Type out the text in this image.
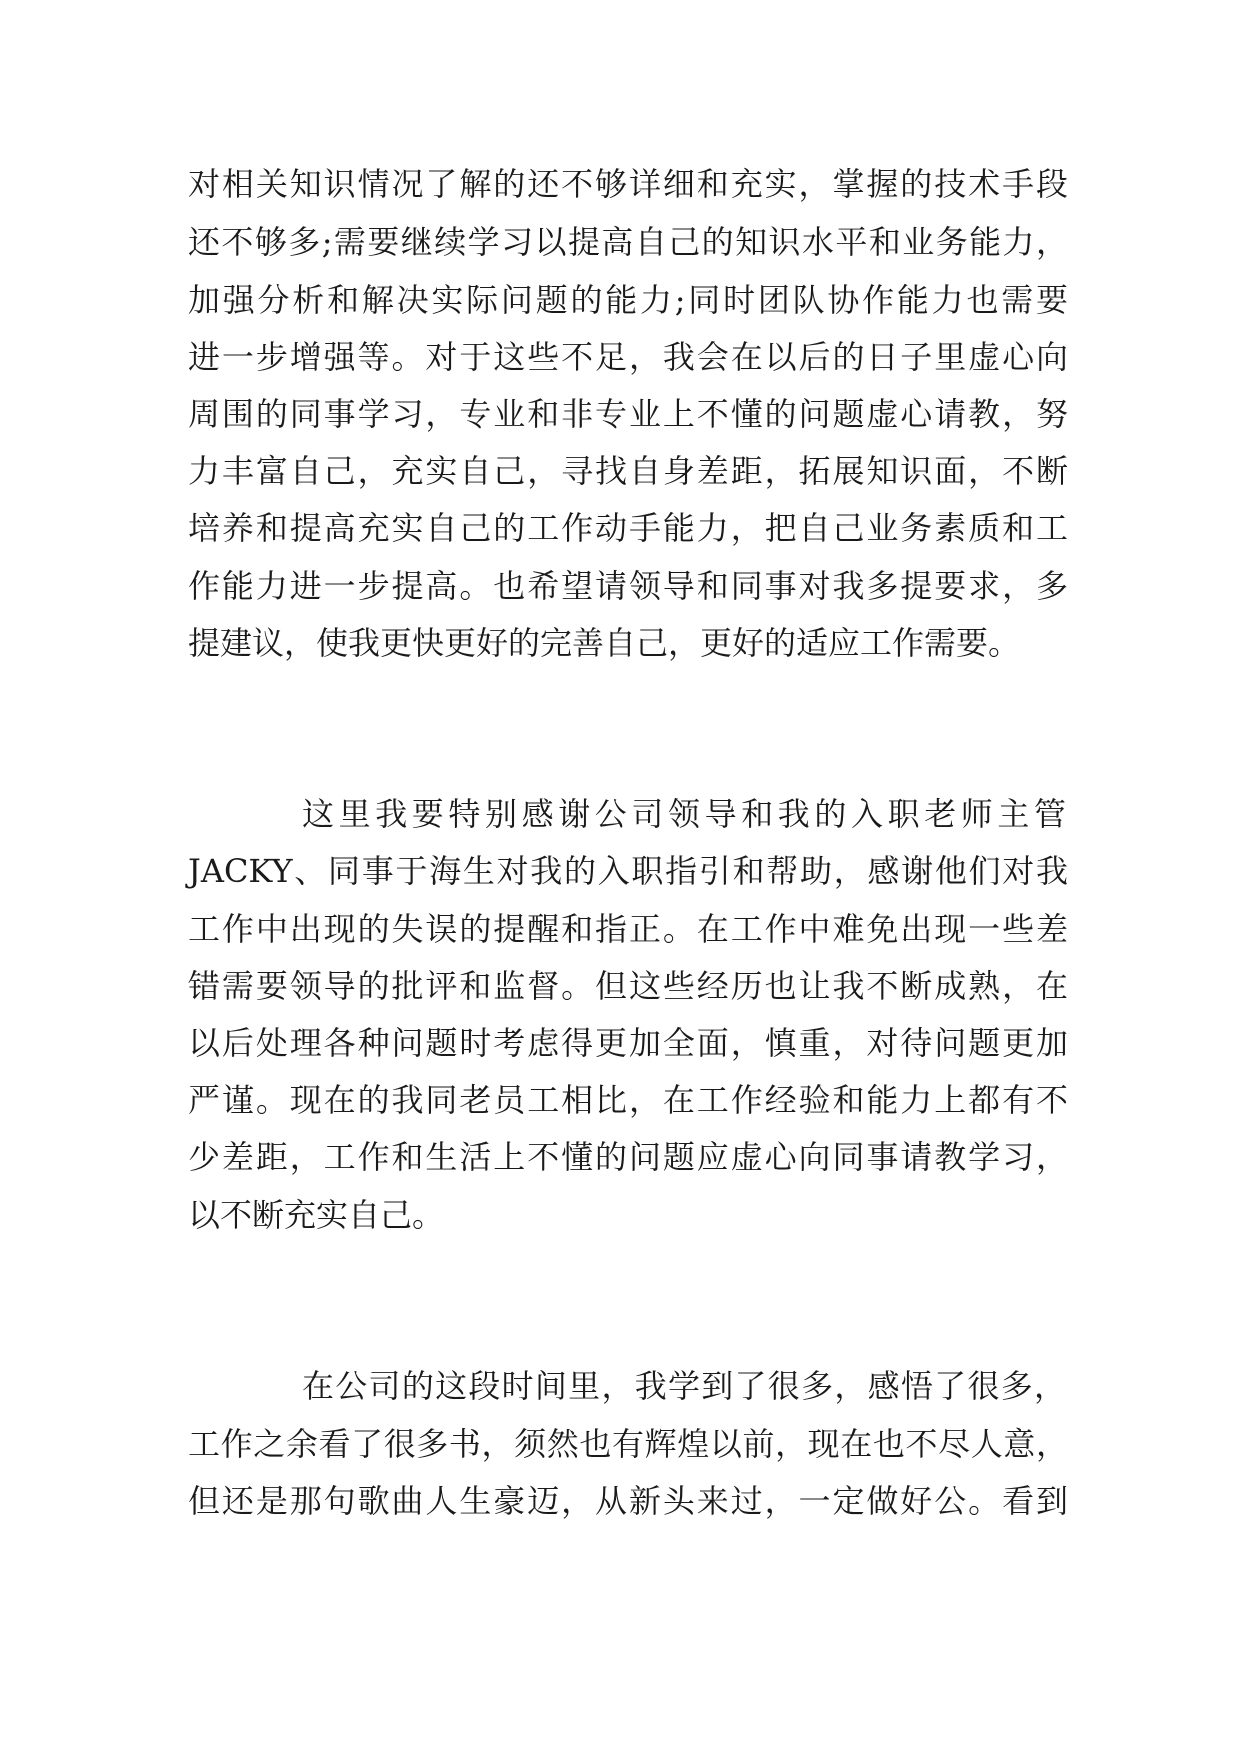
对相关知识情况了解的还不够详细和充实，掌握的技术手段
还不够多;需要继续学习以提高自己的知识水平和业务能力，
加强分析和解决实际问题的能力;同时团队协作能力也需要
进一步增强等。对于这些不足，我会在以后的日子里虚心向
周围的同事学习，专业和非专业上不懂的问题虚心请教，努
力丰富自己，充实自己，寻找自身差距，拓展知识面，不断
培养和提高充实自己的工作动手能力，把自己业务素质和工
作能力进一步提高。也希望请领导和同事对我多提要求，多
提建议，使我更快更好的完善自己，更好的适应工作需要。
这里我要特别感谢公司领导和我的入职老师主管
JACKY、同事于海生对我的入职指引和帮助，感谢他们对我
工作中出现的失误的提醒和指正。在工作中难免出现一些差
错需要领导的批评和监督。但这些经历也让我不断成熟，在
以后处理各种问题时考虑得更加全面，慎重，对待问题更加
严谨。现在的我同老员工相比，在工作经验和能力上都有不
少差距，工作和生活上不懂的问题应虚心向同事请教学习，
以不断充实自己。
在公司的这段时间里，我学到了很多，感悟了很多，
工作之余看了很多书，须然也有辉煌以前，现在也不尽人意，
但还是那句歌曲人生豪迈，从新头来过，一定做好公。看到
